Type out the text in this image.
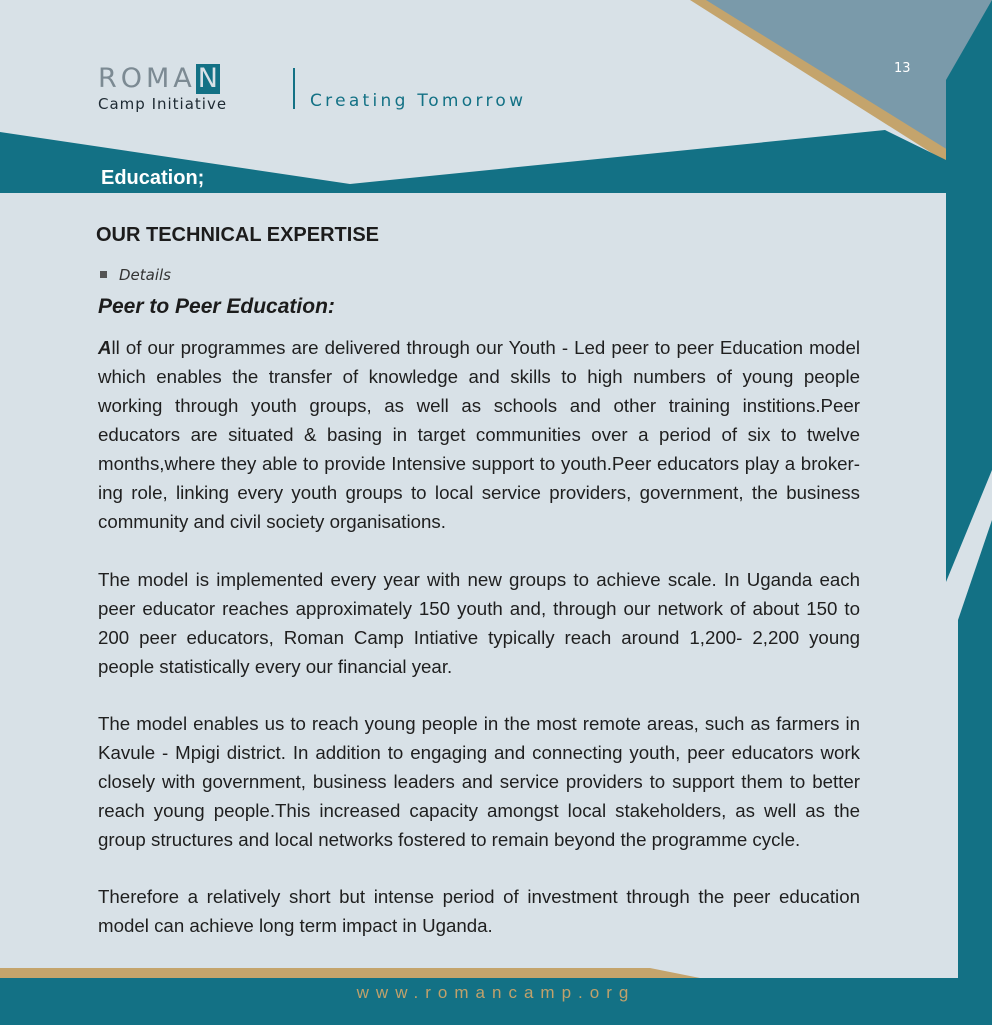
ROMAN
Camp Initiative	Creating Tomorrow
13
Education;
OUR TECHNICAL EXPERTISE
Details
Peer to Peer Education:

All of our programmes are delivered through our Youth - Led peer to peer Education model which enables the transfer of knowledge and skills to high numbers of young people working through youth groups, as well as schools and other training institions.Peer educators are situated & basing in target communities over a period of six to twelve months,where they able to provide Intensive support to youth.Peer educators play a broker-ing role, linking every youth groups to local service providers, government, the business community and civil society organisations.

The model is implemented every year with new groups to achieve scale. In Uganda each peer educator reaches approximately 150 youth and, through our network of about 150 to 200 peer educators, Roman Camp Intiative typically reach around 1,200- 2,200 young people statistically every our financial year.

The model enables us to reach young people in the most remote areas, such as farmers in Kavule - Mpigi district. In addition to engaging and connecting youth, peer educators work closely with government, business leaders and service providers to support them to better reach young people.This increased capacity amongst local stakeholders, as well as the group structures and local networks fostered to remain beyond the programme cycle.

Therefore a relatively short but intense period of investment through the peer education model can achieve long term impact in Uganda.

www.romancamp.org
